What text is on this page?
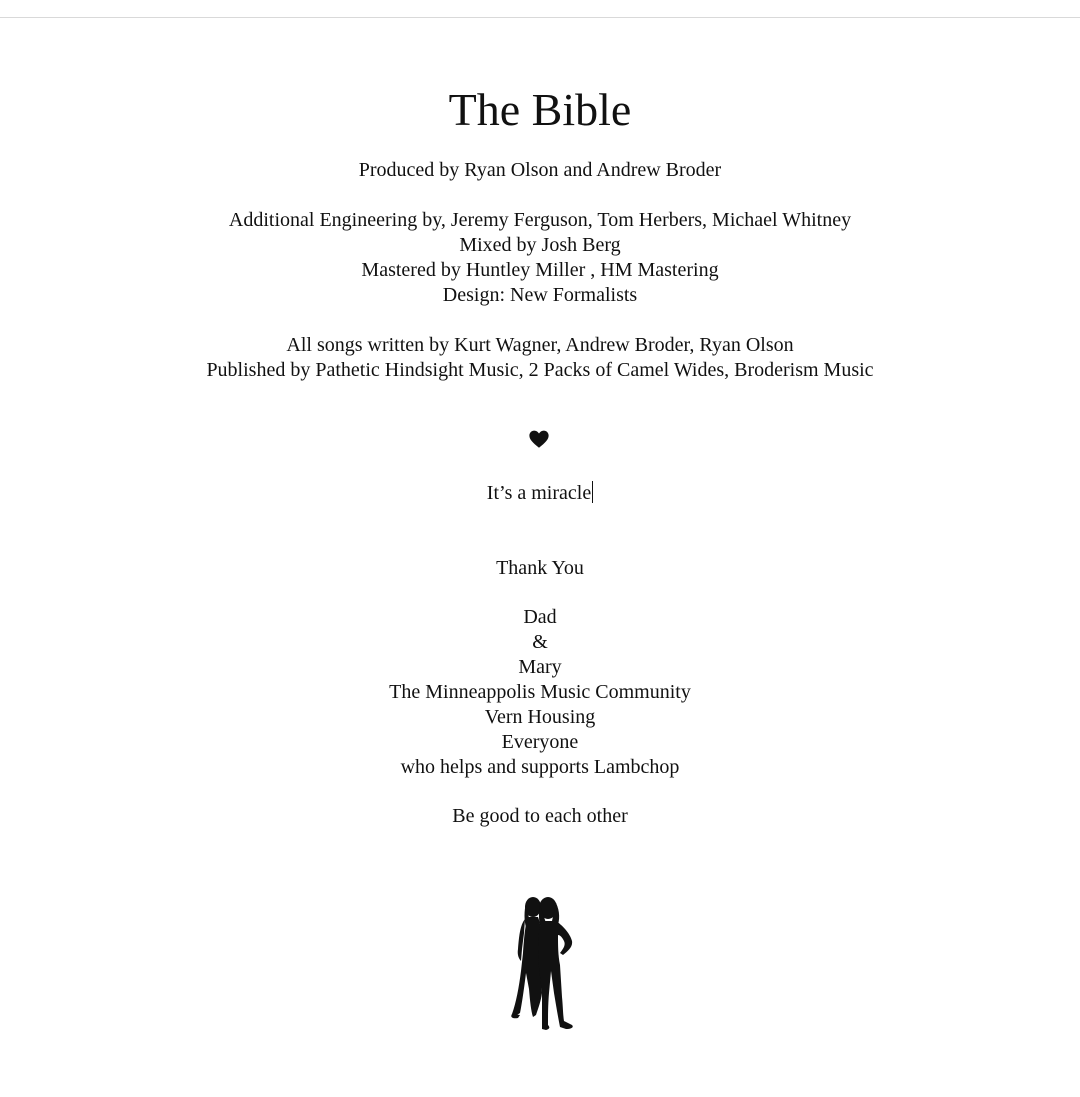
The Bible
Produced by Ryan Olson and Andrew Broder
Additional Engineering by, Jeremy Ferguson, Tom Herbers, Michael Whitney
Mixed by Josh Berg
Mastered by Huntley Miller , HM Mastering
Design: New Formalists
All songs written by Kurt Wagner, Andrew Broder, Ryan Olson
Published by Pathetic Hindsight Music, 2 Packs of Camel Wides, Broderism Music
It’s a miracle
Thank You
Dad
&
Mary
The Minneappolis Music Community
Vern Housing
Everyone
who helps and supports Lambchop
Be good to each other
